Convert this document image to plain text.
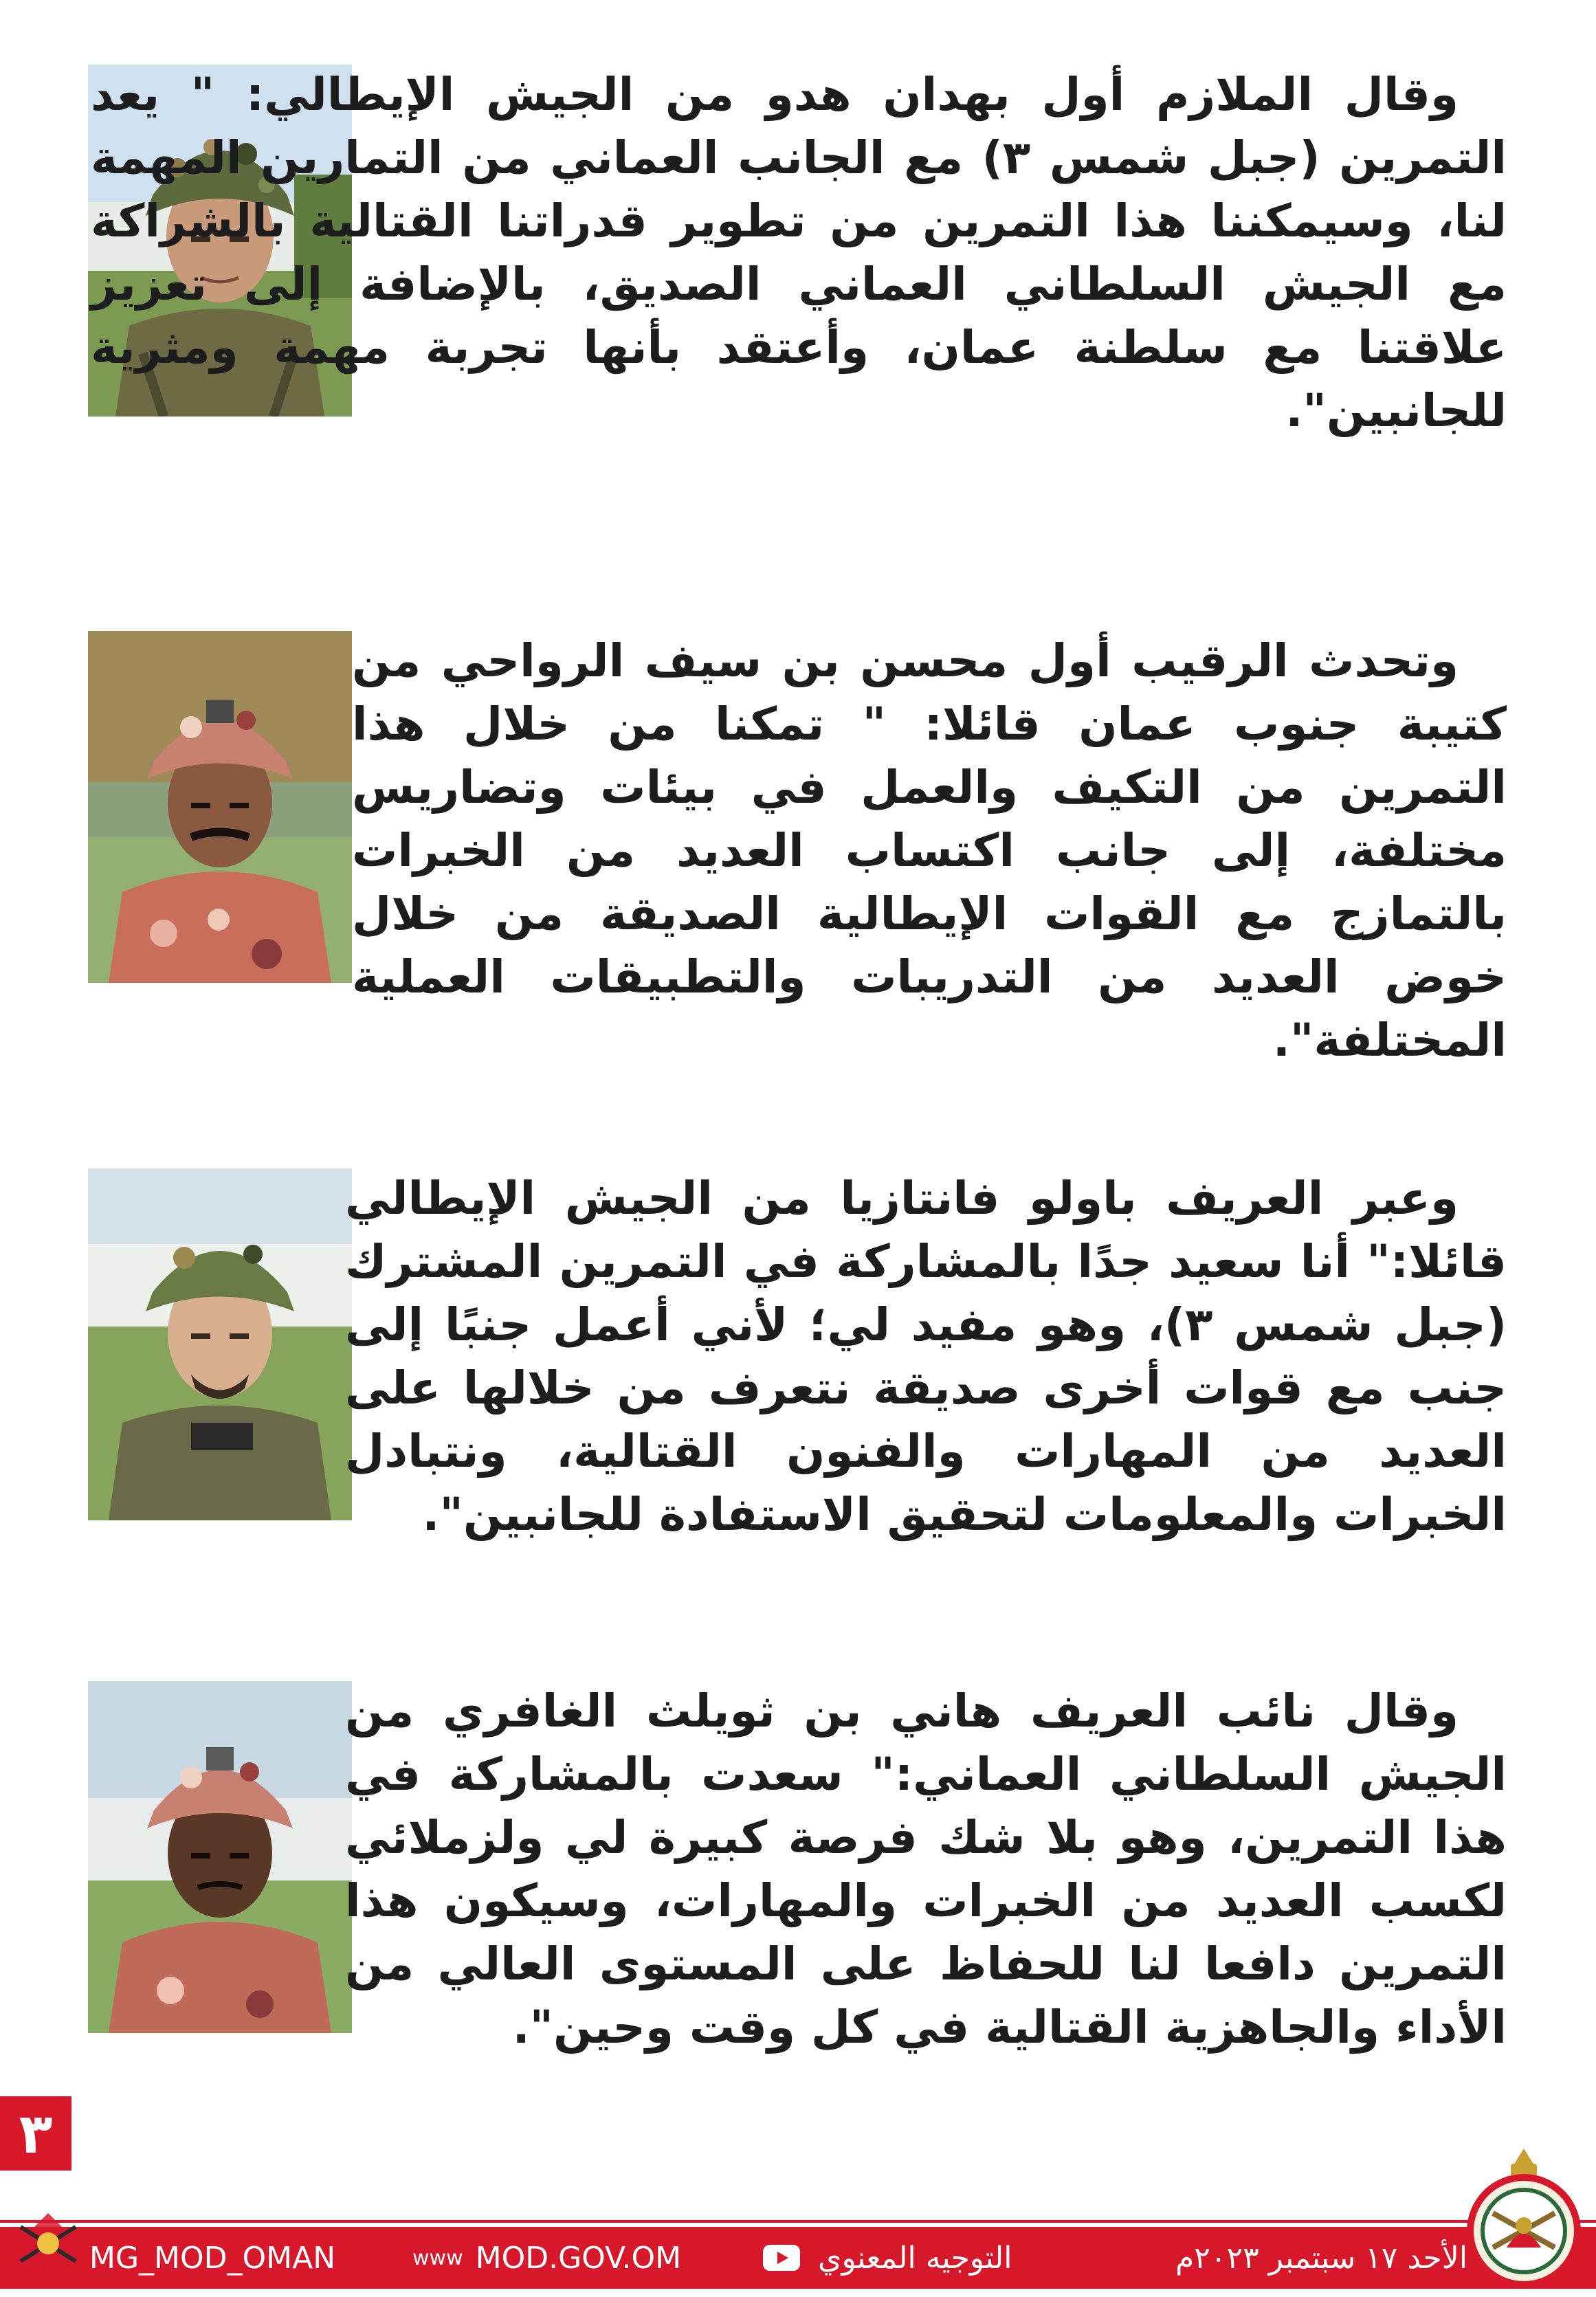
وقال الملازم أول بهدان هدو من الجيش الإيطالي: " يعد التمرين (جبل شمس ٣) مع الجانب العماني من التمارين المهمة لنا، وسيمكننا هذا التمرين من تطوير قدراتنا القتالية بالشراكة مع الجيش السلطاني العماني الصديق، بالإضافة إلى تعزيز علاقتنا مع سلطنة عمان، وأعتقد بأنها تجربة مهمة ومثرية للجانبين".

وتحدث الرقيب أول محسن بن سيف الرواحي من كتيبة جنوب عمان قائلا: " تمكنا من خلال هذا التمرين من التكيف والعمل في بيئات وتضاريس مختلفة، إلى جانب اكتساب العديد من الخبرات بالتمازج مع القوات الإيطالية الصديقة من خلال خوض العديد من التدريبات والتطبيقات العملية المختلفة".

وعبر العريف باولو فانتازيا من الجيش الإيطالي قائلا:" أنا سعيد جدًا بالمشاركة في التمرين المشترك (جبل شمس ٣)، وهو مفيد لي؛ لأني أعمل جنبًا إلى جنب مع قوات أخرى صديقة نتعرف من خلالها على العديد من المهارات والفنون القتالية، ونتبادل الخبرات والمعلومات لتحقيق الاستفادة للجانبين".

وقال نائب العريف هاني بن ثويلث الغافري من الجيش السلطاني العماني:" سعدت بالمشاركة في هذا التمرين، وهو بلا شك فرصة كبيرة لي ولزملائي لكسب العديد من الخبرات والمهارات، وسيكون هذا التمرين دافعا لنا للحفاظ على المستوى العالي من الأداء والجاهزية القتالية في كل وقت وحين".

٣
MG_MOD_OMAN	www MOD.GOV.OM	التوجيه المعنوي	الأحد ١٧ سبتمبر ٢٠٢٣م
